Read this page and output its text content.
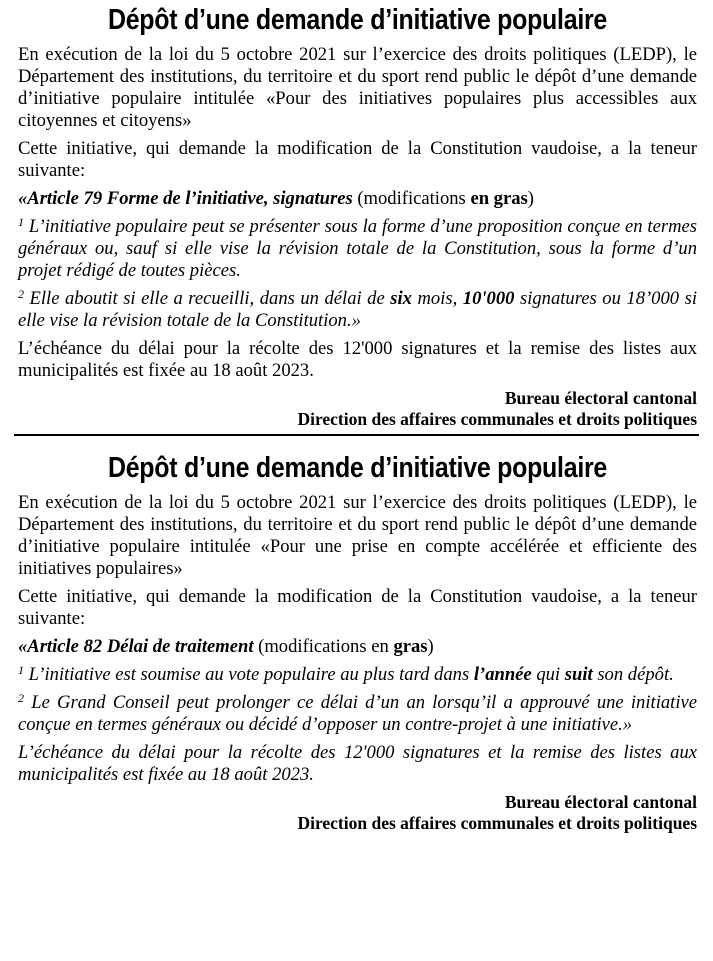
Dépôt d’une demande d’initiative populaire

En exécution de la loi du 5 octobre 2021 sur l’exercice des droits politiques (LEDP), le Département des institutions, du territoire et du sport rend public le dépôt d’une demande d’initiative populaire intitulée «Pour des initiatives populaires plus accessibles aux citoyennes et citoyens»

Cette initiative, qui demande la modification de la Constitution vaudoise, a la teneur suivante:

«Article 79 Forme de l’initiative, signatures (modifications en gras)

$^1$ L’initiative populaire peut se présenter sous la forme d’une proposition conçue en termes généraux ou, sauf si elle vise la révision totale de la Constitution, sous la forme d’un projet rédigé de toutes pièces.

$^2$ Elle aboutit si elle a recueilli, dans un délai de six mois, 10'000 signatures ou 18’000 si elle vise la révision totale de la Constitution.»

L’échéance du délai pour la récolte des 12'000 signatures et la remise des listes aux municipalités est fixée au 18 août 2023.

Bureau électoral cantonal
Direction des affaires communales et droits politiques
Dépôt d’une demande d’initiative populaire

En exécution de la loi du 5 octobre 2021 sur l’exercice des droits politiques (LEDP), le Département des institutions, du territoire et du sport rend public le dépôt d’une demande d’initiative populaire intitulée «Pour une prise en compte accélérée et efficiente des initiatives populaires»

Cette initiative, qui demande la modification de la Constitution vaudoise, a la teneur suivante:

«Article 82 Délai de traitement (modifications en gras)

$^1$ L’initiative est soumise au vote populaire au plus tard dans l’année qui suit son dépôt.

$^2$ Le Grand Conseil peut prolonger ce délai d’un an lorsqu’il a approuvé une initiative conçue en termes généraux ou décidé d’opposer un contre-projet à une initiative.»

L’échéance du délai pour la récolte des 12'000 signatures et la remise des listes aux municipalités est fixée au 18 août 2023.

Bureau électoral cantonal
Direction des affaires communales et droits politiques
